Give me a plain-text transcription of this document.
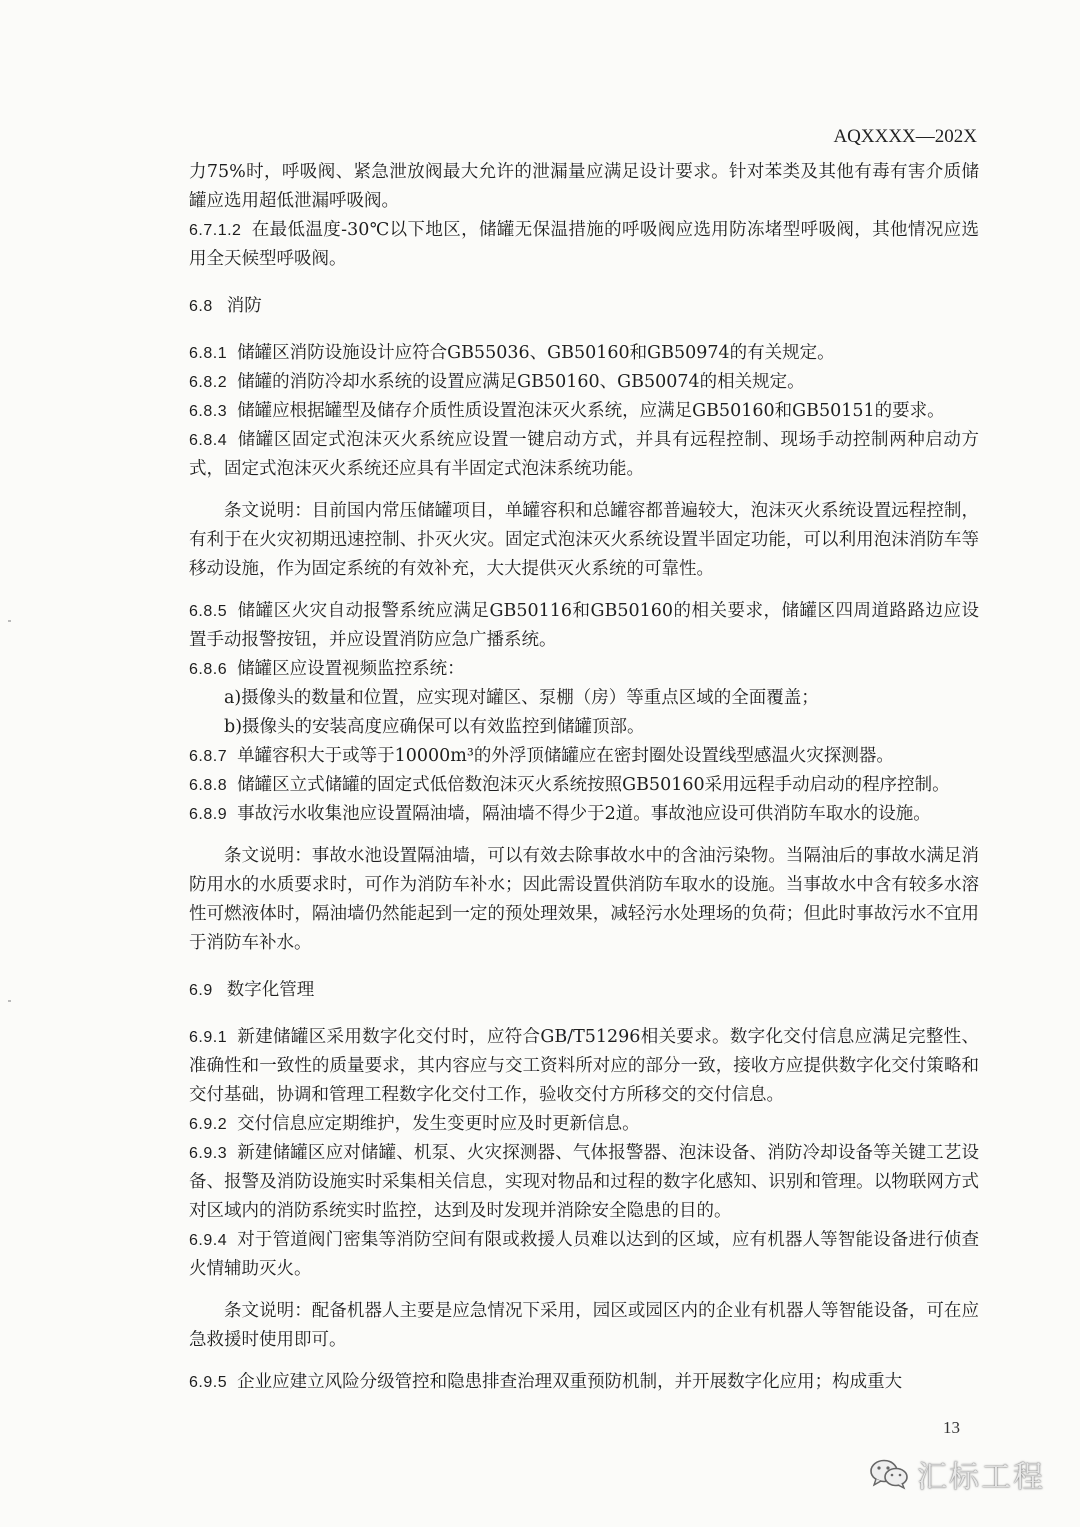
AQXXXX—202X

力75%时，呼吸阀、紧急泄放阀最大允许的泄漏量应满足设计要求。针对苯类及其他有毒有害介质储罐应选用超低泄漏呼吸阀。

6.7.1.2 在最低温度-30℃以下地区，储罐无保温措施的呼吸阀应选用防冻堵型呼吸阀，其他情况应选用全天候型呼吸阀。

6.8 消防

6.8.1 储罐区消防设施设计应符合GB55036、GB50160和GB50974的有关规定。

6.8.2 储罐的消防冷却水系统的设置应满足GB50160、GB50074的相关规定。

6.8.3 储罐应根据罐型及储存介质性质设置泡沫灭火系统，应满足GB50160和GB50151的要求。

6.8.4 储罐区固定式泡沫灭火系统应设置一键启动方式，并具有远程控制、现场手动控制两种启动方式，固定式泡沫灭火系统还应具有半固定式泡沫系统功能。

条文说明：目前国内常压储罐项目，单罐容积和总罐容都普遍较大，泡沫灭火系统设置远程控制，有利于在火灾初期迅速控制、扑灭火灾。固定式泡沫灭火系统设置半固定功能，可以利用泡沫消防车等移动设施，作为固定系统的有效补充，大大提供灭火系统的可靠性。

6.8.5 储罐区火灾自动报警系统应满足GB50116和GB50160的相关要求，储罐区四周道路路边应设置手动报警按钮，并应设置消防应急广播系统。

6.8.6 储罐区应设置视频监控系统：

a)摄像头的数量和位置，应实现对罐区、泵棚（房）等重点区域的全面覆盖；

b)摄像头的安装高度应确保可以有效监控到储罐顶部。

6.8.7 单罐容积大于或等于10000m³的外浮顶储罐应在密封圈处设置线型感温火灾探测器。

6.8.8 储罐区立式储罐的固定式低倍数泡沫灭火系统按照GB50160采用远程手动启动的程序控制。

6.8.9 事故污水收集池应设置隔油墙，隔油墙不得少于2道。事故池应设可供消防车取水的设施。

条文说明：事故水池设置隔油墙，可以有效去除事故水中的含油污染物。当隔油后的事故水满足消防用水的水质要求时，可作为消防车补水；因此需设置供消防车取水的设施。当事故水中含有较多水溶性可燃液体时，隔油墙仍然能起到一定的预处理效果，减轻污水处理场的负荷；但此时事故污水不宜用于消防车补水。

6.9 数字化管理

6.9.1 新建储罐区采用数字化交付时，应符合GB/T51296相关要求。数字化交付信息应满足完整性、准确性和一致性的质量要求，其内容应与交工资料所对应的部分一致，接收方应提供数字化交付策略和交付基础，协调和管理工程数字化交付工作，验收交付方所移交的交付信息。

6.9.2 交付信息应定期维护，发生变更时应及时更新信息。

6.9.3 新建储罐区应对储罐、机泵、火灾探测器、气体报警器、泡沫设备、消防冷却设备等关键工艺设备、报警及消防设施实时采集相关信息，实现对物品和过程的数字化感知、识别和管理。以物联网方式对区域内的消防系统实时监控，达到及时发现并消除安全隐患的目的。

6.9.4 对于管道阀门密集等消防空间有限或救援人员难以达到的区域，应有机器人等智能设备进行侦查火情辅助灭火。

条文说明：配备机器人主要是应急情况下采用，园区或园区内的企业有机器人等智能设备，可在应急救援时使用即可。

6.9.5 企业应建立风险分级管控和隐患排查治理双重预防机制，并开展数字化应用；构成重大

13
汇标工程
